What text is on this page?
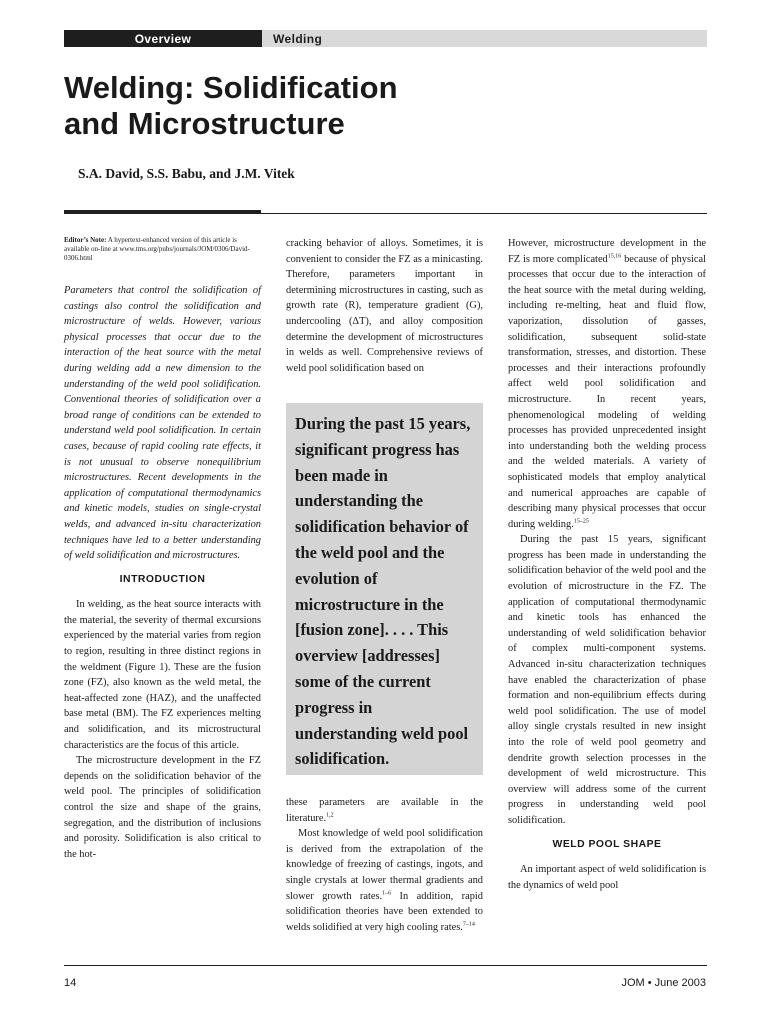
Overview	Welding
Welding: Solidification
and Microstructure
S.A. David, S.S. Babu, and J.M. Vitek

Editor’s Note: A hypertext-enhanced version of this article is available on-line at www.tms.org/pubs/journals/JOM/0306/David-0306.html

Parameters that control the solidification of castings also control the solidification and microstructure of welds. However, various physical processes that occur due to the interaction of the heat source with the metal during welding add a new dimension to the understanding of the weld pool solidification. Conventional theories of solidification over a broad range of conditions can be extended to understand weld pool solidification. In certain cases, because of rapid cooling rate effects, it is not unusual to observe nonequilibrium microstructures. Recent developments in the application of computational thermodynamics and kinetic models, studies on single-crystal welds, and advanced in-situ characterization techniques have led to a better understanding of weld solidification and microstructures.

INTRODUCTION

In welding, as the heat source interacts with the material, the severity of thermal excursions experienced by the material varies from region to region, resulting in three distinct regions in the weldment (Figure 1). These are the fusion zone (FZ), also known as the weld metal, the heat-affected zone (HAZ), and the unaffected base metal (BM). The FZ experiences melting and solidification, and its microstructural characteristics are the focus of this article.

The microstructure development in the FZ depends on the solidification behavior of the weld pool. The principles of solidification control the size and shape of the grains, segregation, and the distribution of inclusions and porosity. Solidification is also critical to the hot-

cracking behavior of alloys. Sometimes, it is convenient to consider the FZ as a minicasting. Therefore, parameters important in determining microstructures in casting, such as growth rate (R), temperature gradient (G), undercooling (ΔT), and alloy composition determine the development of microstructures in welds as well. Comprehensive reviews of weld pool solidification based on

During the past 15 years, significant progress has been made in understanding the solidification behavior of the weld pool and the evolution of microstructure in the [fusion zone]. . . . This overview [addresses] some of the current progress in understanding weld pool solidification.

these parameters are available in the literature.$^{1,2}$

Most knowledge of weld pool solidification is derived from the extrapolation of the knowledge of freezing of castings, ingots, and single crystals at lower thermal gradients and slower growth rates.$^{1-6}$ In addition, rapid solidification theories have been extended to welds solidified at very high cooling rates.$^{7-14}$

However, microstructure development in the FZ is more complicated$^{15,16}$ because of physical processes that occur due to the interaction of the heat source with the metal during welding, including re-melting, heat and fluid flow, vaporization, dissolution of gasses, solidification, subsequent solid-state transformation, stresses, and distortion. These processes and their interactions profoundly affect weld pool solidification and microstructure. In recent years, phenomenological modeling of welding processes has provided unprecedented insight into understanding both the welding process and the welded materials. A variety of sophisticated models that employ analytical and numerical approaches are capable of describing many physical processes that occur during welding.$^{15-25}$

During the past 15 years, significant progress has been made in understanding the solidification behavior of the weld pool and the evolution of microstructure in the FZ. The application of computational thermodynamic and kinetic tools has enhanced the understanding of weld solidification behavior of complex multi-component systems. Advanced in-situ characterization techniques have enabled the characterization of phase formation and non-equilibrium effects during weld pool solidification. The use of model alloy single crystals resulted in new insight into the role of weld pool geometry and dendrite growth selection processes in the development of weld microstructure. This overview will address some of the current progress in understanding weld pool solidification.

WELD POOL SHAPE

An important aspect of weld solidification is the dynamics of weld pool

14	JOM • June 2003
